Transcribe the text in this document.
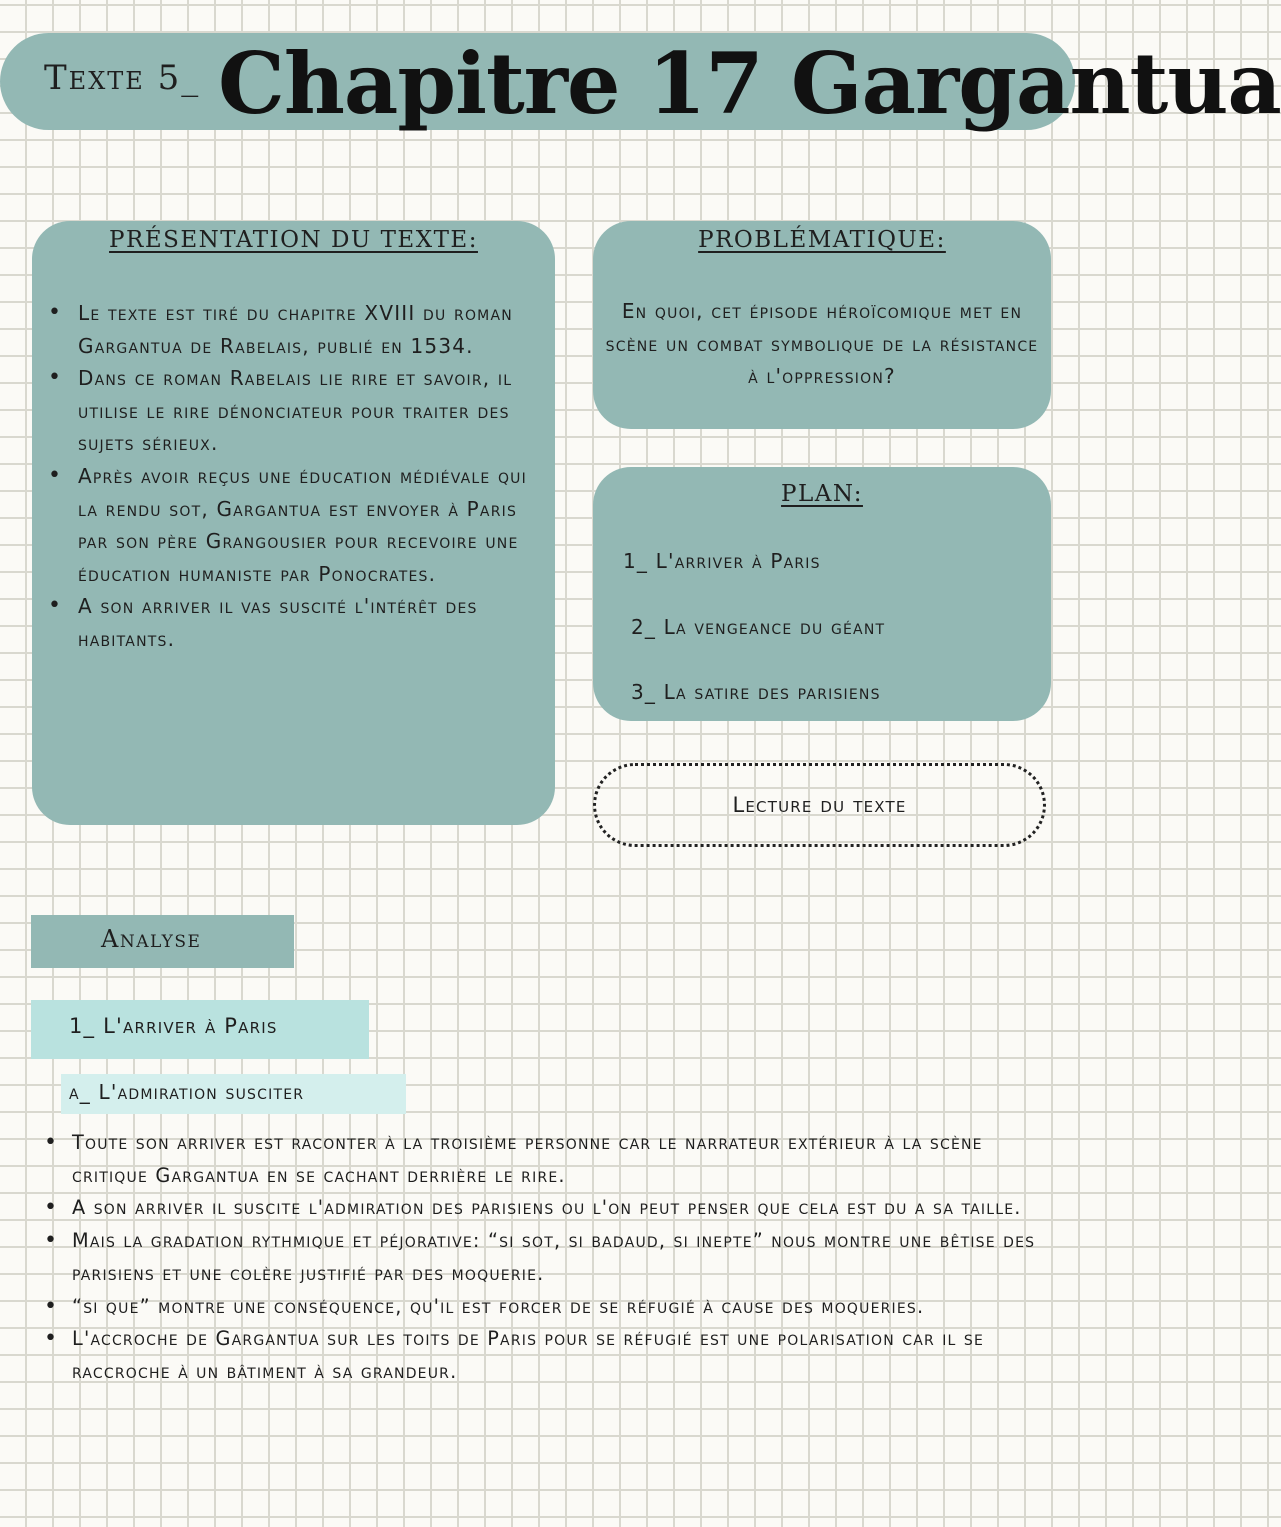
Texte 5_ Chapitre 17 Gargantua
PRÉSENTATION DU TEXTE:
• Le texte est tiré du chapitre XVIII du roman Gargantua de Rabelais, publié en 1534.
• Dans ce roman Rabelais lie rire et savoir, il utilise le rire dénonciateur pour traiter des sujets sérieux.
• Après avoir reçus une éducation médiévale qui la rendu sot, Gargantua est envoyer à Paris par son père Grangousier pour recevoire une éducation humaniste par Ponocrates.
• A son arriver il vas suscité l'intérêt des habitants.
PROBLÉMATIQUE:
En quoi, cet épisode héroïcomique met en scène un combat symbolique de la résistance à l'oppression?
PLAN:
1_ L'arriver à Paris
2_ La vengeance du géant
3_ La satire des parisiens
Lecture du texte
Analyse
1_ L'arriver à Paris
a_ L'admiration susciter
• Toute son arriver est raconter à la troisième personne car le narrateur extérieur à la scène critique Gargantua en se cachant derrière le rire.
• A son arriver il suscite l'admiration des parisiens ou l'on peut penser que cela est du a sa taille.
• Mais la gradation rythmique et péjorative: “si sot, si badaud, si inepte” nous montre une bêtise des parisiens et une colère justifié par des moquerie.
• “si que” montre une conséquence, qu'il est forcer de se réfugié à cause des moqueries.
• L'accroche de Gargantua sur les toits de Paris pour se réfugié est une polarisation car il se raccroche à un bâtiment à sa grandeur.
